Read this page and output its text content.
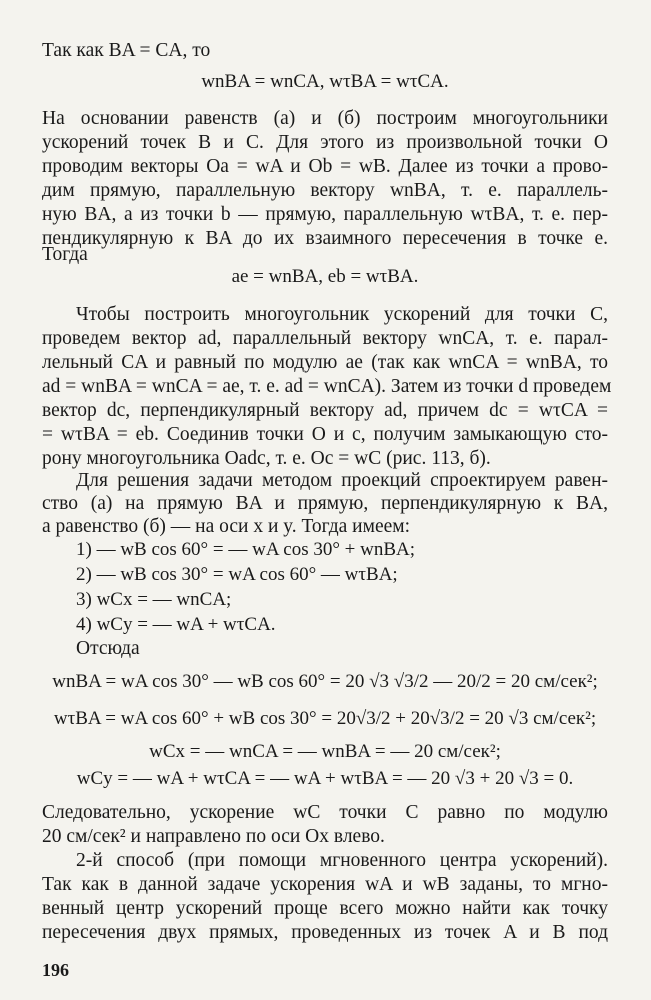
Так как BA = CA, то
wnBA = wnCA, wτBA = wτCA.
На основании равенств (а) и (б) построим многоугольники
ускорений точек B и C. Для этого из произвольной точки O
проводим векторы Oa = wA и Ob = wB. Далее из точки a прово-
дим прямую, параллельную вектору wnBA, т. е. параллель-
ную BA, а из точки b — прямую, параллельную wτBA, т. е. пер-
пендикулярную к BA до их взаимного пересечения в точке e.
Тогда
ae = wnBA, eb = wτBA.
Чтобы построить многоугольник ускорений для точки C,
проведем вектор ad, параллельный вектору wnCA, т. е. парал-
лельный CA и равный по модулю ae (так как wnCA = wnBA, то
ad = wnBA = wnCA = ae, т. е. ad = wnCA). Затем из точки d проведем
вектор dc, перпендикулярный вектору ad, причем dc = wτCA =
= wτBA = eb. Соединив точки O и c, получим замыкающую сто-
рону многоугольника Oadc, т. е. Oc = wC (рис. 113, б).
Для решения задачи методом проекций спроектируем равен-
ство (а) на прямую BA и прямую, перпендикулярную к BA,
а равенство (б) — на оси x и y. Тогда имеем:
1) — wB cos 60° = — wA cos 30° + wnBA;
2) — wB cos 30° = wA cos 60° — wτBA;
3) wCx = — wnCA;
4) wCy = — wA + wτCA.
Отсюда
wnBA = wA cos 30° — wB cos 60° = 20 √3 √3/2 — 20/2 = 20 см/сек²;
wτBA = wA cos 60° + wB cos 30° = 20√3/2 + 20√3/2 = 20 √3 см/сек²;
wCx = — wnCA = — wnBA = — 20 см/сек²;
wCy = — wA + wτCA = — wA + wτBA = — 20 √3 + 20 √3 = 0.
Следовательно, ускорение wC точки C равно по модулю
20 см/сек² и направлено по оси Ox влево.
2-й способ (при помощи мгновенного центра ускорений).
Так как в данной задаче ускорения wA и wB заданы, то мгно-
венный центр ускорений проще всего можно найти как точку
пересечения двух прямых, проведенных из точек A и B под
196
